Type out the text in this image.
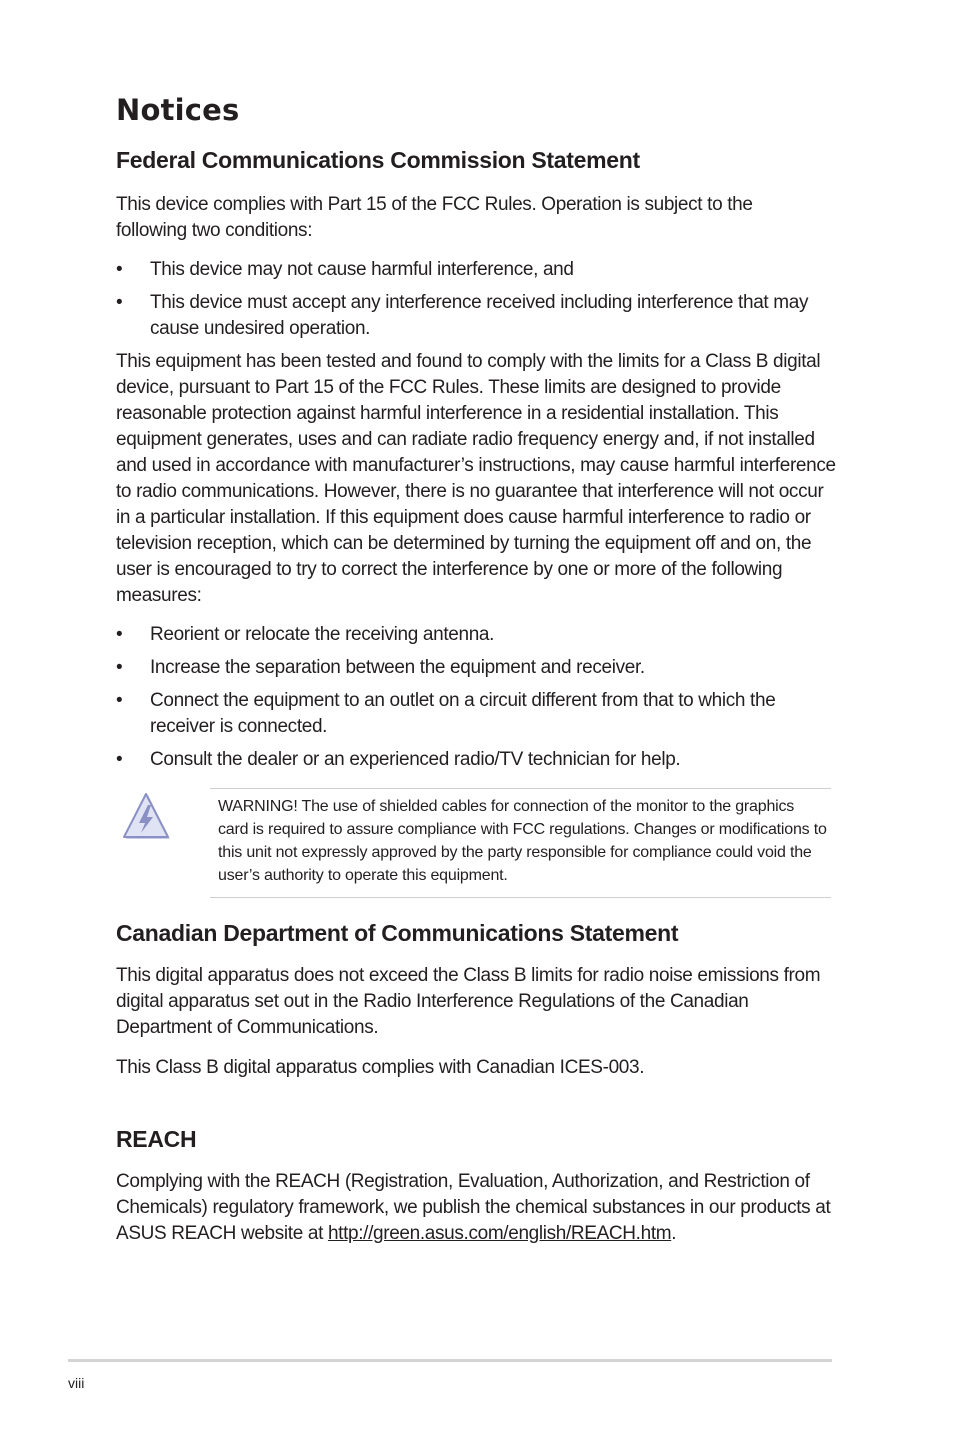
Notices
Federal Communications Commission Statement

This device complies with Part 15 of the FCC Rules. Operation is subject to the following two conditions:

•	This device may not cause harmful interference, and
•	This device must accept any interference received including interference that may cause undesired operation.

This equipment has been tested and found to comply with the limits for a Class B digital device, pursuant to Part 15 of the FCC Rules. These limits are designed to provide reasonable protection against harmful interference in a residential installation. This equipment generates, uses and can radiate radio frequency energy and, if not installed and used in accordance with manufacturer’s instructions, may cause harmful interference to radio communications. However, there is no guarantee that interference will not occur in a particular installation. If this equipment does cause harmful interference to radio or television reception, which can be determined by turning the equipment off and on, the user is encouraged to try to correct the interference by one or more of the following measures:

•	Reorient or relocate the receiving antenna.
•	Increase the separation between the equipment and receiver.
•	Connect the equipment to an outlet on a circuit different from that to which the receiver is connected.
•	Consult the dealer or an experienced radio/TV technician for help.

WARNING! The use of shielded cables for connection of the monitor to the graphics card is required to assure compliance with FCC regulations. Changes or modifications to this unit not expressly approved by the party responsible for compliance could void the user’s authority to operate this equipment.

Canadian Department of Communications Statement

This digital apparatus does not exceed the Class B limits for radio noise emissions from digital apparatus set out in the Radio Interference Regulations of the Canadian Department of Communications.

This Class B digital apparatus complies with Canadian ICES-003.

REACH

Complying with the REACH (Registration, Evaluation, Authorization, and Restriction of Chemicals) regulatory framework, we publish the chemical substances in our products at ASUS REACH website at http://green.asus.com/english/REACH.htm.

viii
